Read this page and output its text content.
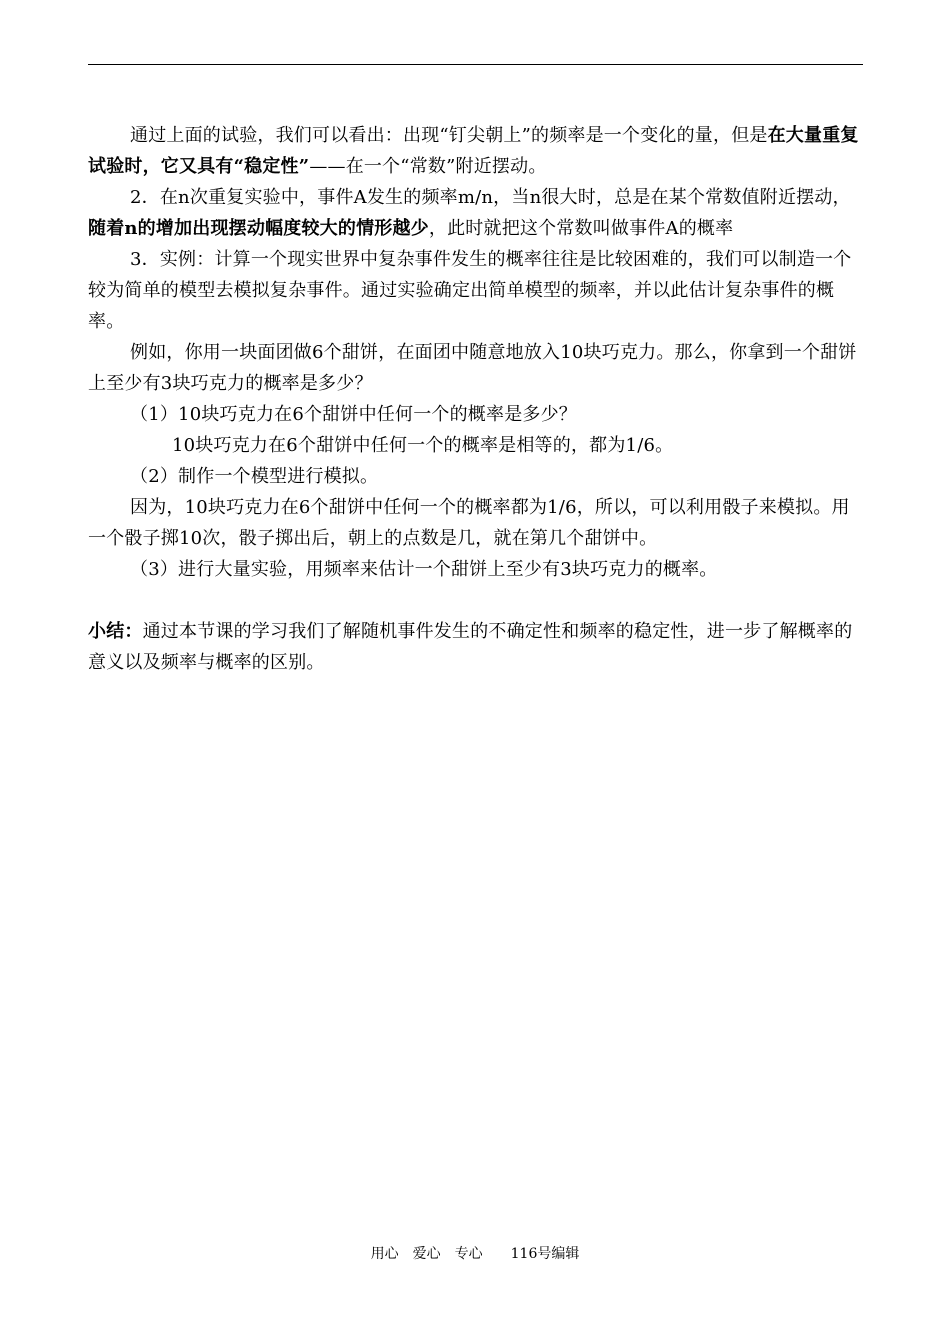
通过上面的试验，我们可以看出：出现“钉尖朝上”的频率是一个变化的量，但是在大量重复试验时，它又具有“稳定性”——在一个“常数”附近摆动。

2．在n次重复实验中，事件A发生的频率m/n，当n很大时，总是在某个常数值附近摆动，随着n的增加出现摆动幅度较大的情形越少，此时就把这个常数叫做事件A的概率

3．实例：计算一个现实世界中复杂事件发生的概率往往是比较困难的，我们可以制造一个较为简单的模型去模拟复杂事件。通过实验确定出简单模型的频率，并以此估计复杂事件的概率。

例如，你用一块面团做6个甜饼，在面团中随意地放入10块巧克力。那么，你拿到一个甜饼上至少有3块巧克力的概率是多少？

（1）10块巧克力在6个甜饼中任何一个的概率是多少？

10块巧克力在6个甜饼中任何一个的概率是相等的，都为1/6。

（2）制作一个模型进行模拟。

因为，10块巧克力在6个甜饼中任何一个的概率都为1/6，所以，可以利用骰子来模拟。用一个骰子掷10次，骰子掷出后，朝上的点数是几，就在第几个甜饼中。

（3）进行大量实验，用频率来估计一个甜饼上至少有3块巧克力的概率。

小结：通过本节课的学习我们了解随机事件发生的不确定性和频率的稳定性，进一步了解概率的意义以及频率与概率的区别。

用心　爱心　专心　　116号编辑
